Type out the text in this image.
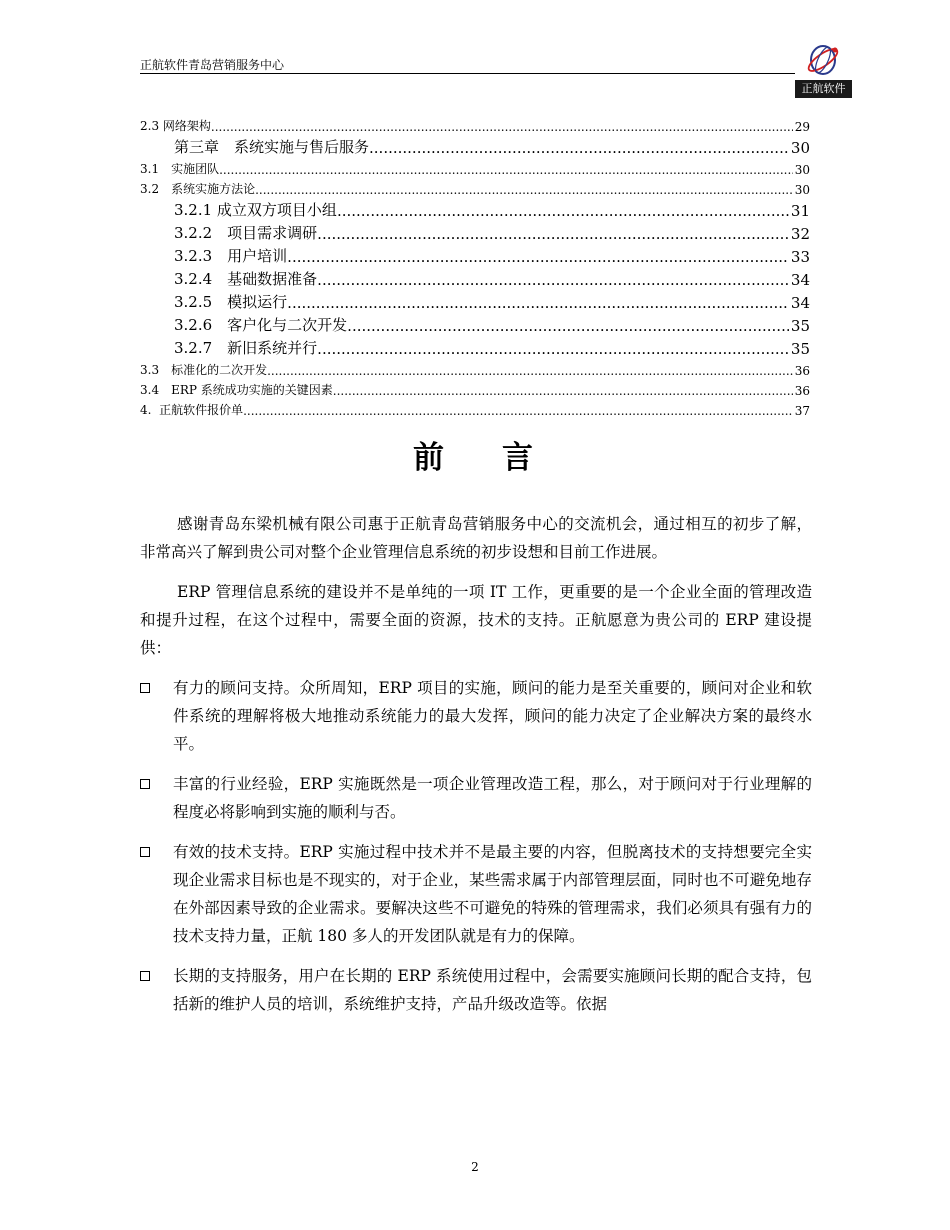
正航软件青岛营销服务中心
正航软件
2.3 网络架构 .....	29
第三章　系统实施与售后服务 .....	30
3.1　实施团队 .....	30
3.2　系统实施方法论 .....	30
3.2.1 成立双方项目小组 .....	31
3.2.2　项目需求调研 .....	32
3.2.3　用户培训 .....	33
3.2.4　基础数据准备 .....	34
3.2.5　模拟运行 .....	34
3.2.6　客户化与二次开发 .....	35
3.2.7　新旧系统并行 .....	35
3.3　标准化的二次开发 .....	36
3.4　ERP 系统成功实施的关键因素 .....	36
4.  正航软件报价单 .....	37
前 言

感谢青岛东梁机械有限公司惠于正航青岛营销服务中心的交流机会，通过相互的初步了解，非常高兴了解到贵公司对整个企业管理信息系统的初步设想和目前工作进展。

ERP 管理信息系统的建设并不是单纯的一项 IT 工作，更重要的是一个企业全面的管理改造和提升过程，在这个过程中，需要全面的资源，技术的支持。正航愿意为贵公司的 ERP 建设提供：

有力的顾问支持。众所周知，ERP 项目的实施，顾问的能力是至关重要的，顾问对企业和软件系统的理解将极大地推动系统能力的最大发挥，顾问的能力决定了企业解决方案的最终水平。
丰富的行业经验，ERP 实施既然是一项企业管理改造工程，那么，对于顾问对于行业理解的程度必将影响到实施的顺利与否。
有效的技术支持。ERP 实施过程中技术并不是最主要的内容，但脱离技术的支持想要完全实现企业需求目标也是不现实的，对于企业，某些需求属于内部管理层面，同时也不可避免地存在外部因素导致的企业需求。要解决这些不可避免的特殊的管理需求，我们必须具有强有力的技术支持力量，正航 180 多人的开发团队就是有力的保障。
长期的支持服务，用户在长期的 ERP 系统使用过程中，会需要实施顾问长期的配合支持，包括新的维护人员的培训，系统维护支持，产品升级改造等。依据
2
